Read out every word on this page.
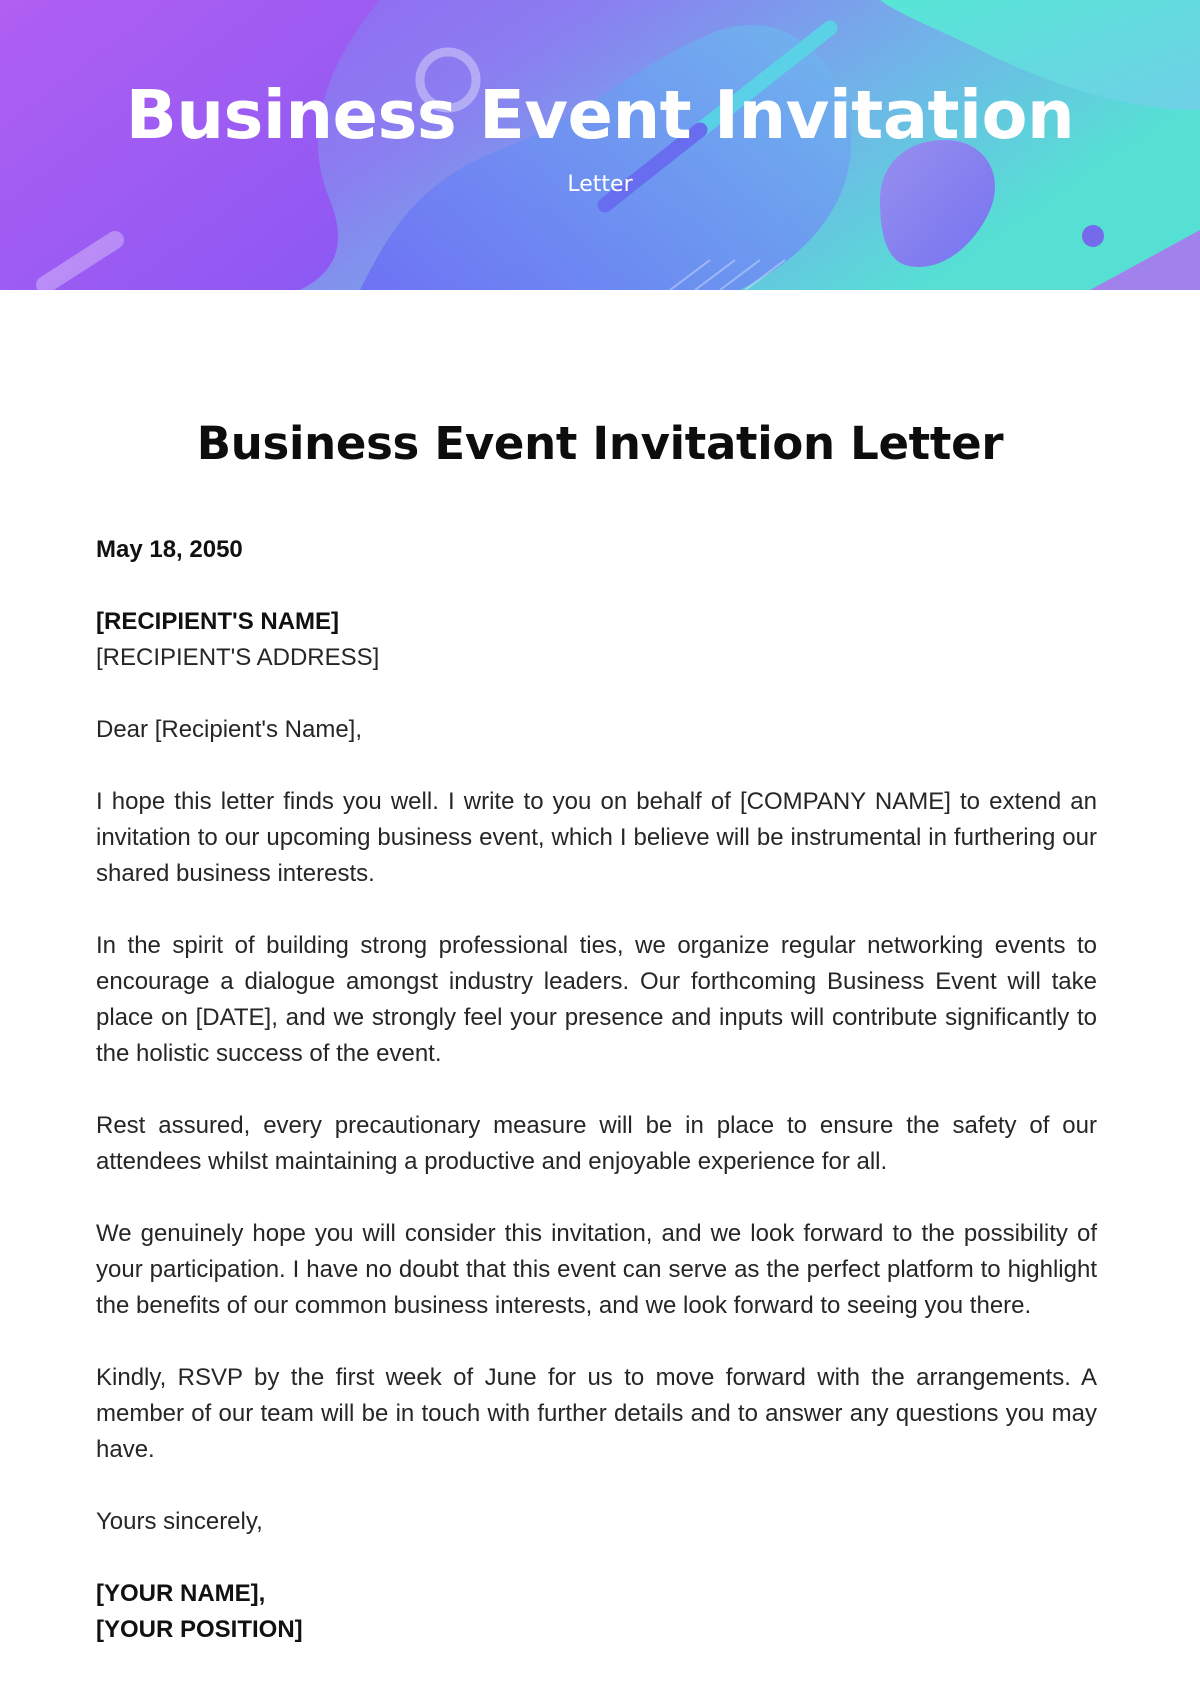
Business Event Invitation
Letter
Business Event Invitation Letter
May 18, 2050
[RECIPIENT'S NAME]
[RECIPIENT'S ADDRESS]
Dear [Recipient's Name],

I hope this letter finds you well. I write to you on behalf of [COMPANY NAME] to extend an invitation to our upcoming business event, which I believe will be instrumental in furthering our shared business interests.

In the spirit of building strong professional ties, we organize regular networking events to encourage a dialogue amongst industry leaders. Our forthcoming Business Event will take place on [DATE], and we strongly feel your presence and inputs will contribute significantly to the holistic success of the event.

Rest assured, every precautionary measure will be in place to ensure the safety of our attendees whilst maintaining a productive and enjoyable experience for all.

We genuinely hope you will consider this invitation, and we look forward to the possibility of your participation. I have no doubt that this event can serve as the perfect platform to highlight the benefits of our common business interests, and we look forward to seeing you there.

Kindly, RSVP by the first week of June for us to move forward with the arrangements. A member of our team will be in touch with further details and to answer any questions you may have.

Yours sincerely,
[YOUR NAME],
[YOUR POSITION]
